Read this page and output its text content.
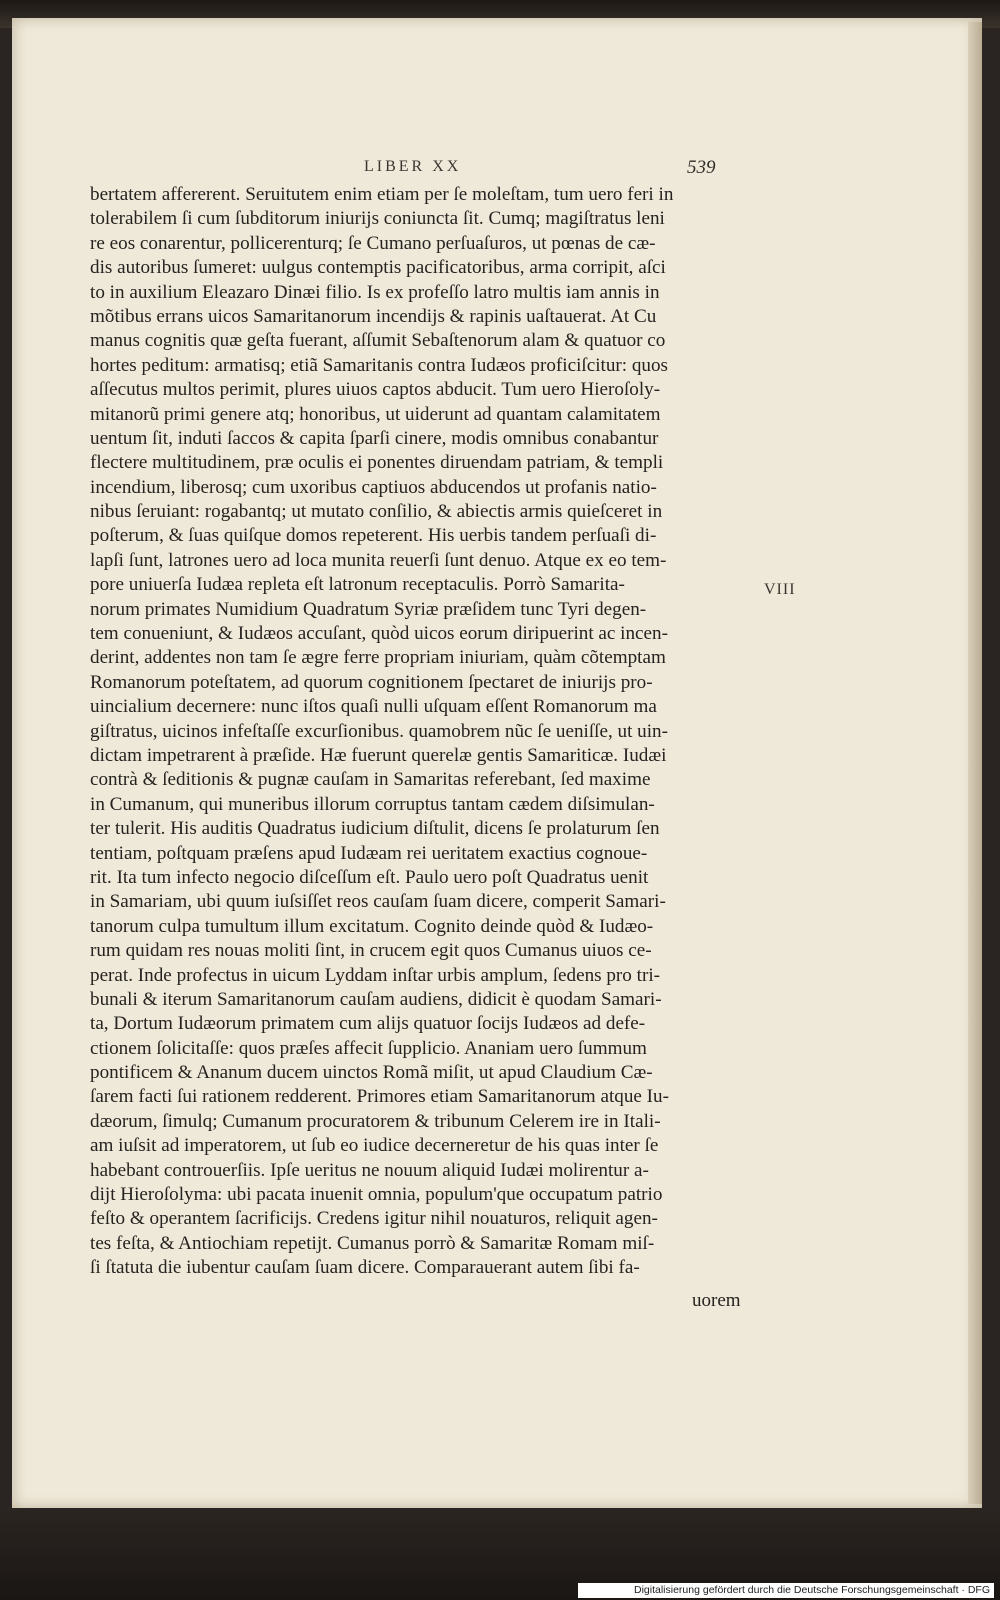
LIBER XX	539
bertatem affererent. Seruitutem enim etiam per ſe moleſtam, tum uero feri in
tolerabilem ſi cum ſubditorum iniurijs coniuncta ſit. Cumq; magiſtratus leni
re eos conarentur, pollicerenturq; ſe Cumano perſuaſuros, ut pœnas de cæ-
dis autoribus ſumeret: uulgus contemptis pacificatoribus, arma corripit, aſci
to in auxilium Eleazaro Dinæi filio. Is ex profeſſo latro multis iam annis in
mõtibus errans uicos Samaritanorum incendijs & rapinis uaſtauerat. At Cu
manus cognitis quæ geſta fuerant, aſſumit Sebaſtenorum alam & quatuor co
hortes peditum: armatisq; etiã Samaritanis contra Iudæos proficiſcitur: quos
aſſecutus multos perimit, plures uiuos captos abducit. Tum uero Hieroſoly-
mitanorũ primi genere atq; honoribus, ut uiderunt ad quantam calamitatem
uentum ſit, induti ſaccos & capita ſparſi cinere, modis omnibus conabantur
flectere multitudinem, præ oculis ei ponentes diruendam patriam, & templi
incendium, liberosq; cum uxoribus captiuos abducendos ut profanis natio-
nibus ſeruiant: rogabantq; ut mutato conſilio, & abiectis armis quieſceret in
poſterum, & ſuas quiſque domos repeterent. His uerbis tandem perſuaſi di-
lapſi ſunt, latrones uero ad loca munita reuerſi ſunt denuo. Atque ex eo tem-
pore uniuerſa Iudæa repleta eſt latronum receptaculis. Porrò Samarita-
norum primates Numidium Quadratum Syriæ præſidem tunc Tyri degen-
tem conueniunt, & Iudæos accuſant, quòd uicos eorum diripuerint ac incen-
derint, addentes non tam ſe ægre ferre propriam iniuriam, quàm cõtemptam
Romanorum poteſtatem, ad quorum cognitionem ſpectaret de iniurijs pro-
uincialium decernere: nunc iſtos quaſi nulli uſquam eſſent Romanorum ma
giſtratus, uicinos infeſtaſſe excurſionibus. quamobrem nũc ſe ueniſſe, ut uin-
dictam impetrarent à præſide. Hæ fuerunt querelæ gentis Samariticæ. Iudæi
contrà & ſeditionis & pugnæ cauſam in Samaritas referebant, ſed maxime
in Cumanum, qui muneribus illorum corruptus tantam cædem diſsimulan-
ter tulerit. His auditis Quadratus iudicium diſtulit, dicens ſe prolaturum ſen
tentiam, poſtquam præſens apud Iudæam rei ueritatem exactius cognoue-
rit. Ita tum infecto negocio diſceſſum eſt. Paulo uero poſt Quadratus uenit
in Samariam, ubi quum iuſsiſſet reos cauſam ſuam dicere, comperit Samari-
tanorum culpa tumultum illum excitatum. Cognito deinde quòd & Iudæo-
rum quidam res nouas moliti ſint, in crucem egit quos Cumanus uiuos ce-
perat. Inde profectus in uicum Lyddam inſtar urbis amplum, ſedens pro tri-
bunali & iterum Samaritanorum cauſam audiens, didicit è quodam Samari-
ta, Dortum Iudæorum primatem cum alijs quatuor ſocijs Iudæos ad defe-
ctionem ſolicitaſſe: quos præſes affecit ſupplicio. Ananiam uero ſummum
pontificem & Ananum ducem uinctos Romã miſit, ut apud Claudium Cæ-
ſarem facti ſui rationem redderent. Primores etiam Samaritanorum atque Iu-
dæorum, ſimulq; Cumanum procuratorem & tribunum Celerem ire in Itali-
am iuſsit ad imperatorem, ut ſub eo iudice decerneretur de his quas inter ſe
habebant controuerſiis. Ipſe ueritus ne nouum aliquid Iudæi molirentur a-
dijt Hieroſolyma: ubi pacata inuenit omnia, populum'que occupatum patrio
feſto & operantem ſacrificijs. Credens igitur nihil nouaturos, reliquit agen-
tes feſta, & Antiochiam repetijt. Cumanus porrò & Samaritæ Romam miſ-
ſi ſtatuta die iubentur cauſam ſuam dicere. Comparauerant autem ſibi fa-
VIII
uorem
Digitalisierung gefördert durch die Deutsche Forschungsgemeinschaft · DFG
